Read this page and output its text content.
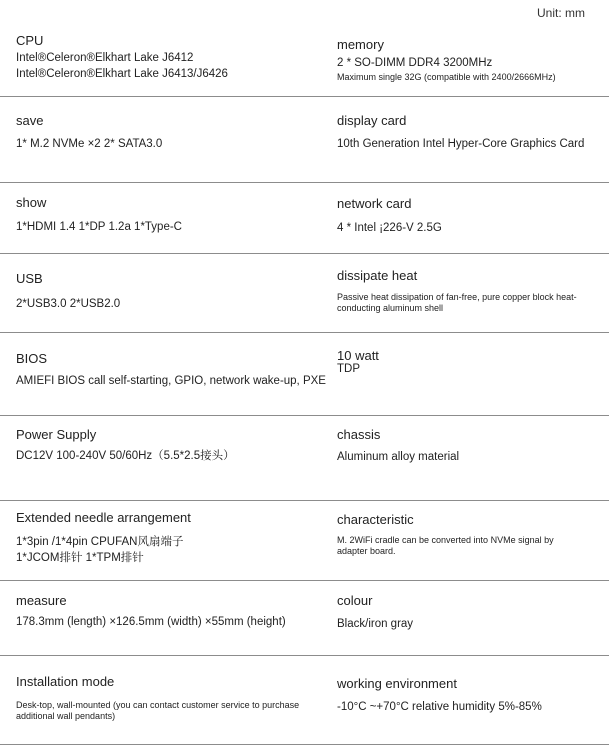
Unit: mm
CPU
Intel®Celeron®Elkhart Lake J6412
Intel®Celeron®Elkhart Lake J6413/J6426
memory
2 * SO-DIMM DDR4 3200MHz
Maximum single 32G (compatible with 2400/2666MHz)
save
1* M.2 NVMe ×2 2* SATA3.0
display card
10th Generation Intel Hyper-Core Graphics Card
show
1*HDMI 1.4 1*DP 1.2a 1*Type-C
network card
4 * Intel ¡226-V 2.5G
USB
2*USB3.0 2*USB2.0
dissipate heat
Passive heat dissipation of fan-free, pure copper block heat-conducting aluminum shell
BIOS
AMIEFI BIOS call self-starting, GPIO, network wake-up, PXE
10 watt
TDP
Power Supply
DC12V 100-240V 50/60Hz（5.5*2.5接头）
chassis
Aluminum alloy material
Extended needle arrangement
1*3pin /1*4pin CPUFAN风扇端子
1*JCOM排针 1*TPM排针
characteristic
M. 2WiFi cradle can be converted into NVMe signal by adapter board.
measure
178.3mm (length) ×126.5mm (width) ×55mm (height)
colour
Black/iron gray
Installation mode
Desk-top, wall-mounted (you can contact customer service to purchase additional wall pendants)
working environment
-10°C ~+70°C relative humidity 5%-85%
